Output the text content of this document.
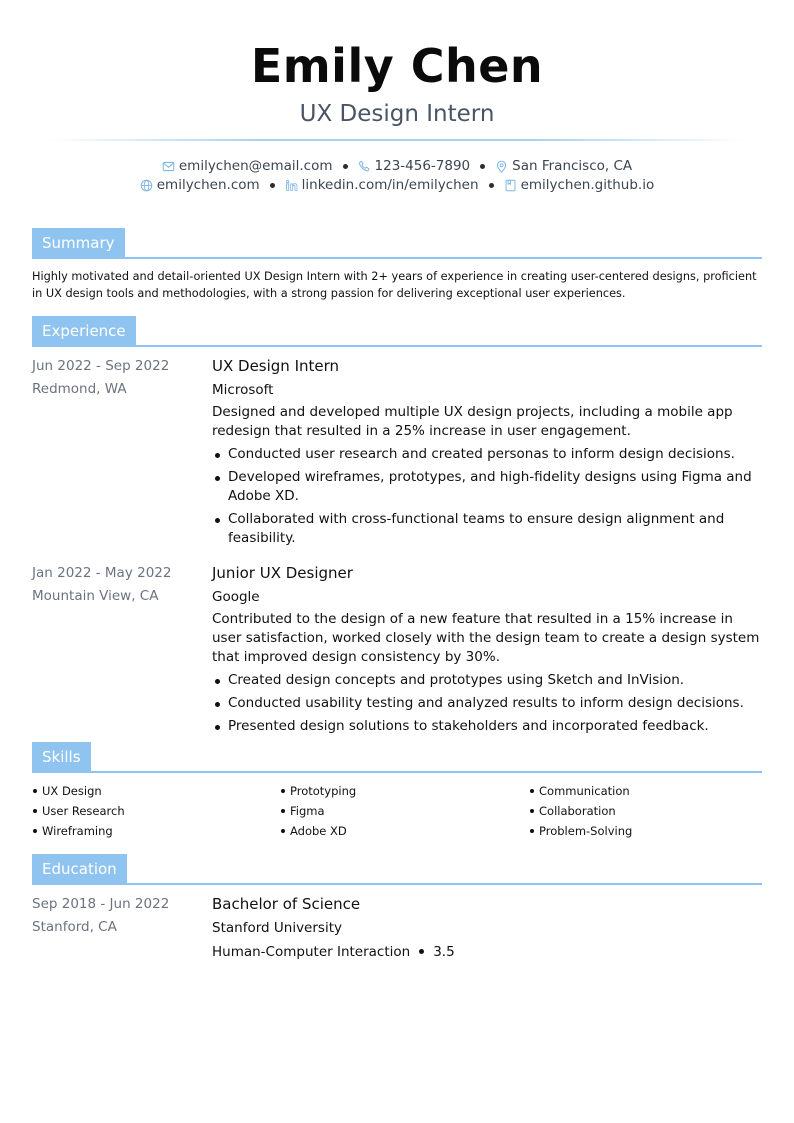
Emily Chen
UX Design Intern
emilychen@email.com	123-456-7890	San Francisco, CA
emilychen.com	linkedin.com/in/emilychen	emilychen.github.io
Summary
Highly motivated and detail-oriented UX Design Intern with 2+ years of experience in creating user-centered designs, proficient in UX design tools and methodologies, with a strong passion for delivering exceptional user experiences.
Experience
Jun 2022 - Sep 2022
Redmond, WA
UX Design Intern
Microsoft
Designed and developed multiple UX design projects, including a mobile app redesign that resulted in a 25% increase in user engagement.
Conducted user research and created personas to inform design decisions.
Developed wireframes, prototypes, and high-fidelity designs using Figma and Adobe XD.
Collaborated with cross-functional teams to ensure design alignment and feasibility.
Jan 2022 - May 2022
Mountain View, CA
Junior UX Designer
Google
Contributed to the design of a new feature that resulted in a 15% increase in user satisfaction, worked closely with the design team to create a design system that improved design consistency by 30%.
Created design concepts and prototypes using Sketch and InVision.
Conducted usability testing and analyzed results to inform design decisions.
Presented design solutions to stakeholders and incorporated feedback.
Skills
UX Design	Prototyping	Communication
User Research	Figma	Collaboration
Wireframing	Adobe XD	Problem-Solving
Education
Sep 2018 - Jun 2022
Stanford, CA
Bachelor of Science
Stanford University
Human-Computer Interaction 3.5
